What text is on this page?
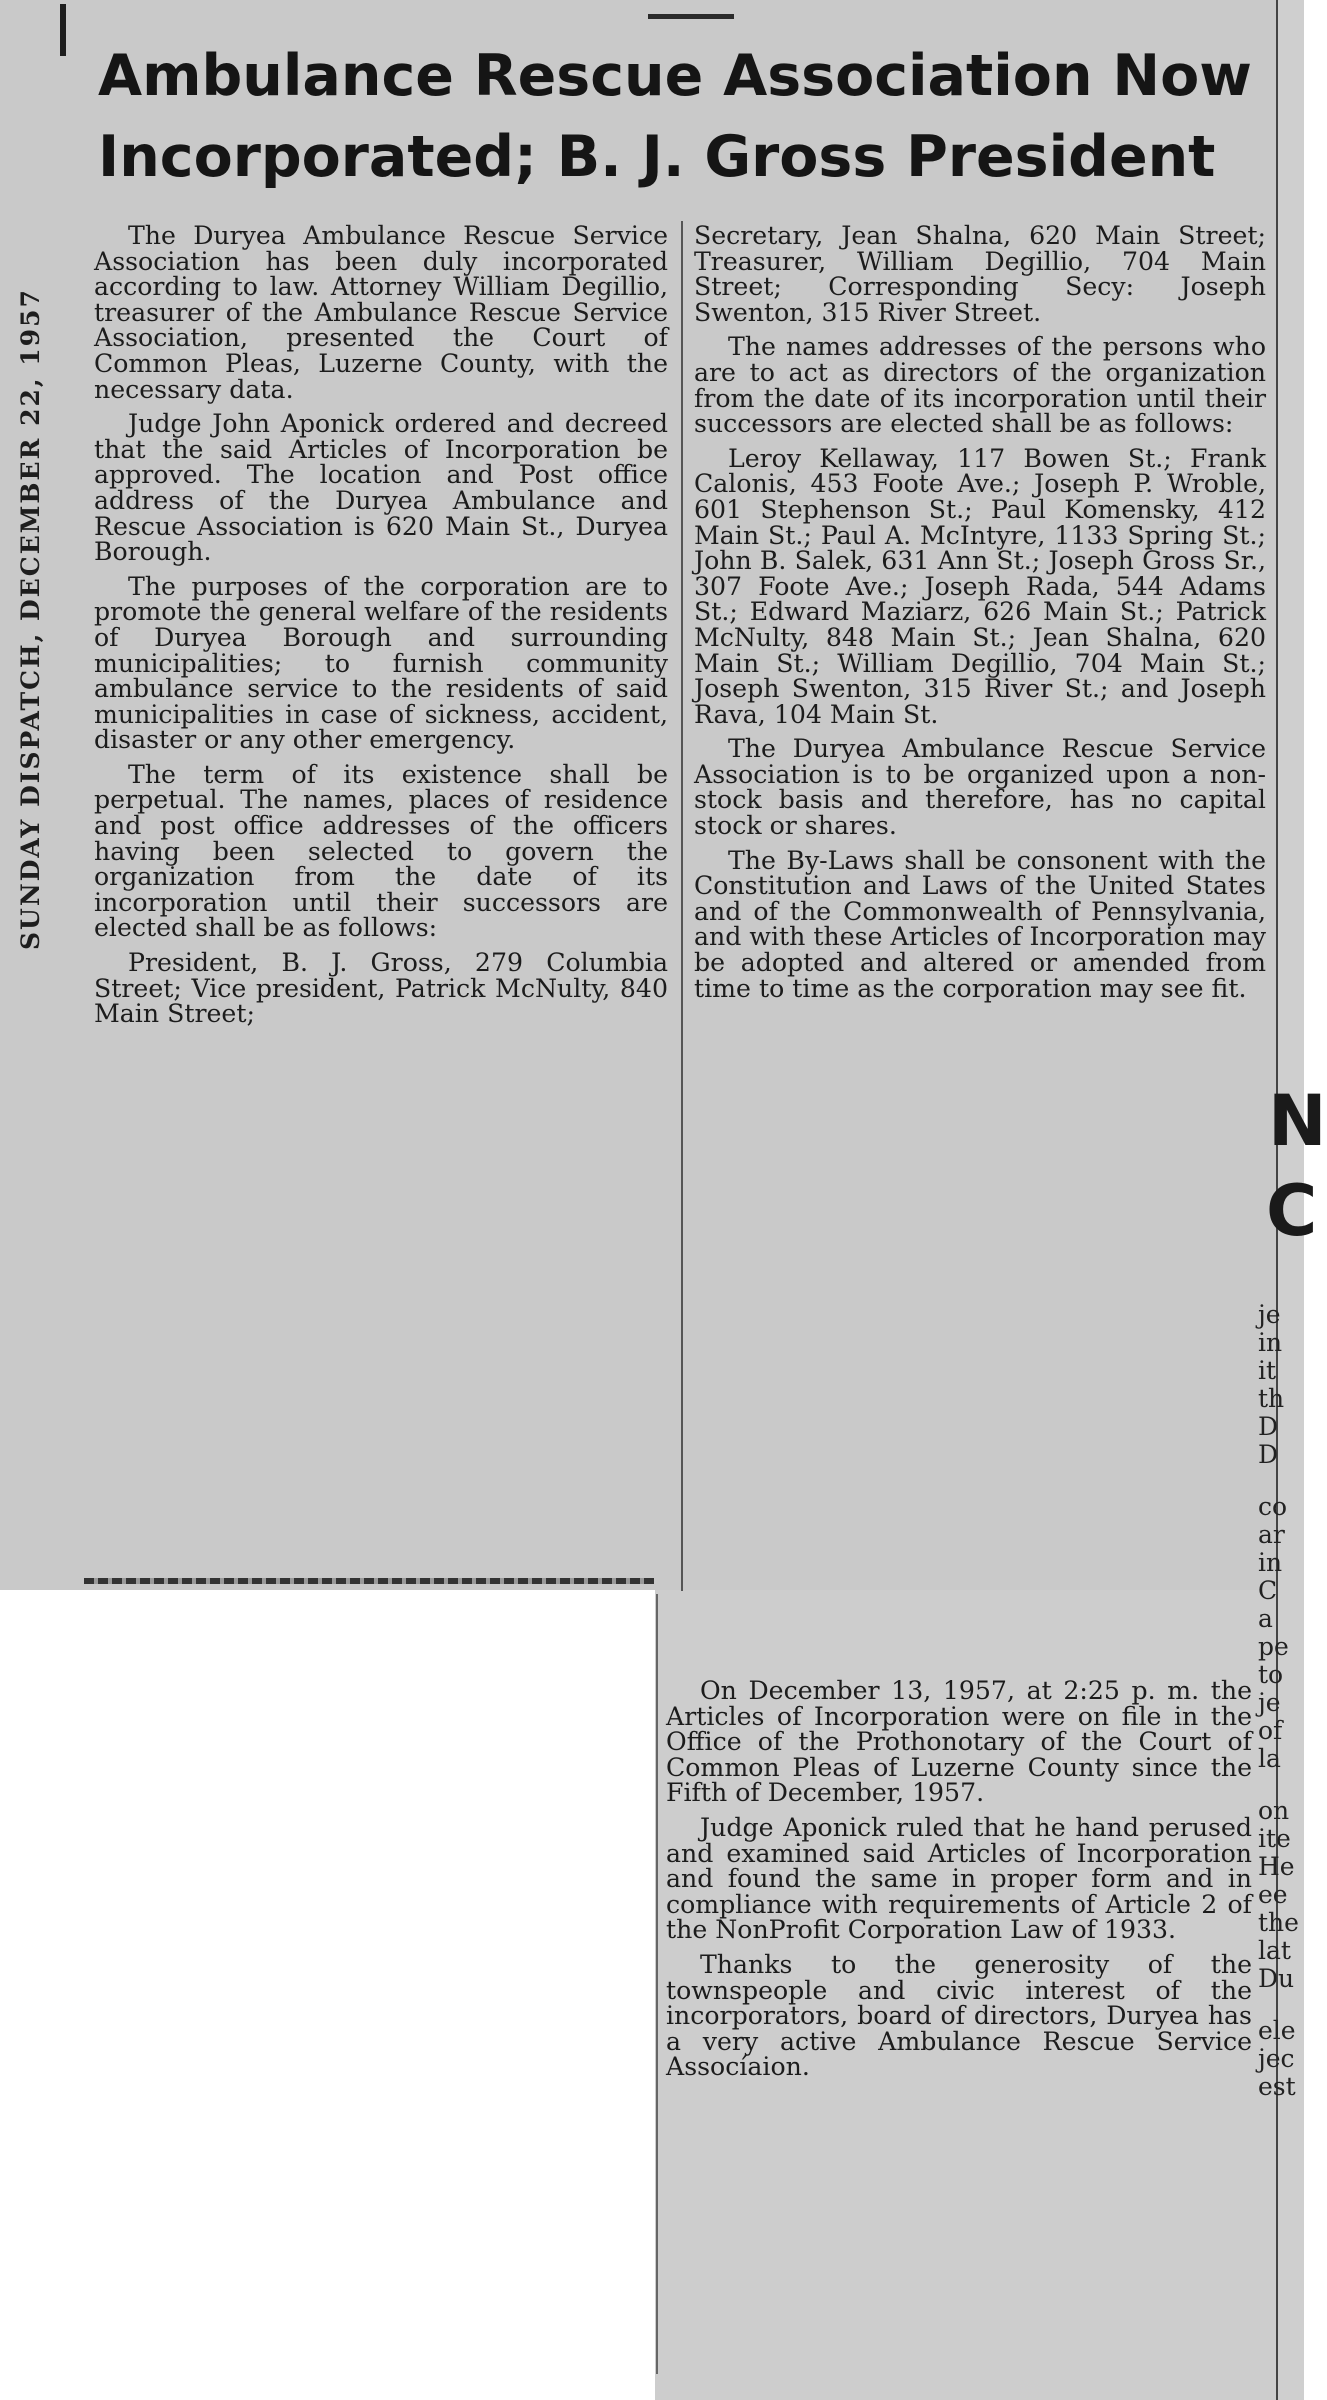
SUNDAY DISPATCH, DECEMBER 22, 1957
Ambulance Rescue Association Now
Incorporated; B. J. Gross President

The Duryea Ambulance Rescue Service Association has been duly incorporated according to law. Attorney William Degillio, treasurer of the Ambulance Rescue Service Association, presented the Court of Common Pleas, Luzerne County, with the necessary data.

Judge John Aponick ordered and decreed that the said Articles of Incorporation be approved. The location and Post office address of the Duryea Ambulance and Rescue Association is 620 Main St., Duryea Borough.

The purposes of the corporation are to promote the general welfare of the residents of Duryea Borough and surrounding municipalities; to furnish community ambulance service to the residents of said municipalities in case of sickness, accident, disaster or any other emergency.

The term of its existence shall be perpetual. The names, places of residence and post office addresses of the officers having been selected to govern the organization from the date of its incorporation until their successors are elected shall be as follows:

President, B. J. Gross, 279 Columbia Street; Vice president, Patrick McNulty, 840 Main Street;

Secretary, Jean Shalna, 620 Main Street; Treasurer, William Degillio, 704 Main Street; Corresponding Secy: Joseph Swenton, 315 River Street.

The names addresses of the persons who are to act as directors of the organization from the date of its incorporation until their successors are elected shall be as follows:

Leroy Kellaway, 117 Bowen St.; Frank Calonis, 453 Foote Ave.; Joseph P. Wroble, 601 Stephenson St.; Paul Komensky, 412 Main St.; Paul A. McIntyre, 1133 Spring St.; John B. Salek, 631 Ann St.; Joseph Gross Sr., 307 Foote Ave.; Joseph Rada, 544 Adams St.; Edward Maziarz, 626 Main St.; Patrick McNulty, 848 Main St.; Jean Shalna, 620 Main St.; William Degillio, 704 Main St.; Joseph Swenton, 315 River St.; and Joseph Rava, 104 Main St.

The Duryea Ambulance Rescue Service Association is to be organized upon a non-stock basis and therefore, has no capital stock or shares.

The By-Laws shall be consonent with the Constitution and Laws of the United States and of the Commonwealth of Pennsylvania, and with these Articles of Incorporation may be adopted and altered or amended from time to time as the corporation may see fit.

On December 13, 1957, at 2:25 p. m. the Articles of Incorporation were on file in the Office of the Prothonotary of the Court of Common Pleas of Luzerne County since the Fifth of December, 1957.

Judge Aponick ruled that he hand perused and examined said Articles of Incorporation and found the same in proper form and in compliance with requirements of Article 2 of the NonProfit Corporation Law of 1933.

Thanks to the generosity of the townspeople and civic interest of the incorporators, board of directors, Duryea has a very active Ambulance Rescue Service Assocíaion.

N
C
je
in
it
th
D
D
co
ar
in
C
a
pe
to
je
of
la
on
ite
He
ee
the
lat
Du
ele
jec
est
